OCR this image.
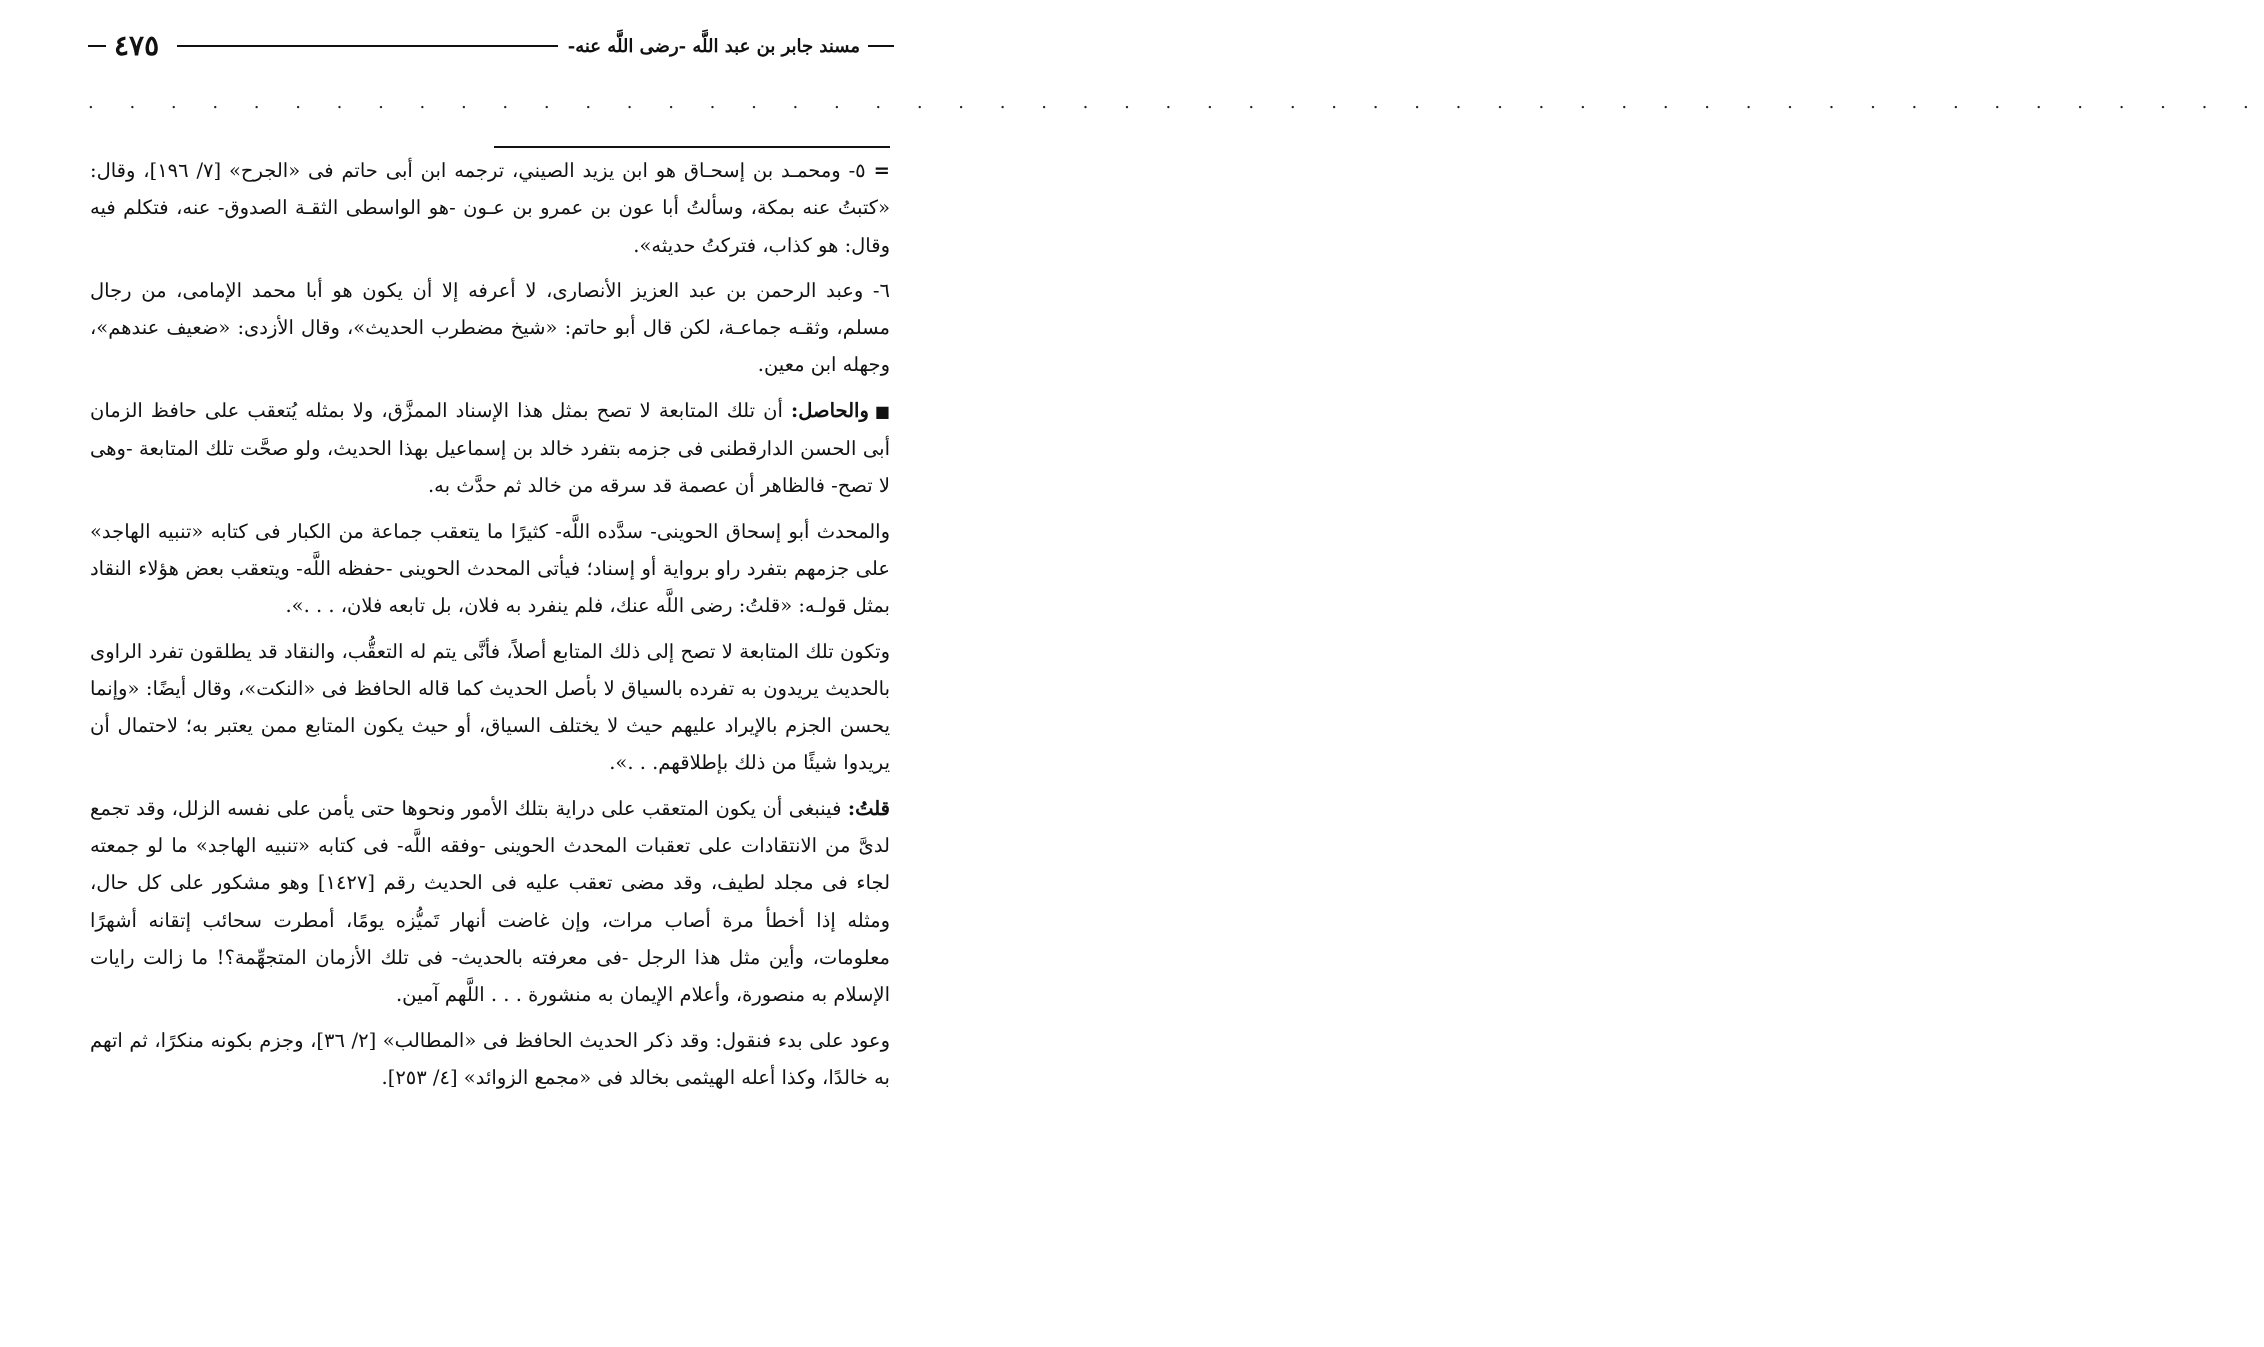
٤٧٥	مسند جابر بن عبد اللَّه -رضى اللَّه عنه-
. . . . . . . . . . . . . . . . . . . . . . . . . . . . . . . . . . . . . . . . . . . . . . . . . . . . .

=٥- ومحمـد بن إسحـاق هو ابن يزيد الصيني، ترجمه ابن أبى حاتم فى «الجرح» [٧/ ١٩٦]، وقال: «كتبتُ عنه بمكة، وسألتُ أبا عون بن عمرو بن عـون -هو الواسطى الثقـة الصدوق- عنه، فتكلم فيه وقال: هو كذاب، فتركتُ حديثه».

٦- وعبد الرحمن بن عبد العزيز الأنصارى، لا أعرفه إلا أن يكون هو أبا محمد الإمامى، من رجال مسلم، وثقـه جماعـة، لكن قال أبو حاتم: «شيخ مضطرب الحديث»، وقال الأزدى: «ضعيف عندهم»، وجهله ابن معين.

■والحاصل: أن تلك المتابعة لا تصح بمثل هذا الإسناد الممزَّق، ولا بمثله يُتعقب على حافظ الزمان أبى الحسن الدارقطنى فى جزمه بتفرد خالد بن إسماعيل بهذا الحديث، ولو صحَّت تلك المتابعة -وهى لا تصح- فالظاهر أن عصمة قد سرقه من خالد ثم حدَّث به.

والمحدث أبو إسحاق الحوينى- سدَّده اللَّه- كثيرًا ما يتعقب جماعة من الكبار فى كتابه «تنبيه الهاجد» على جزمهم بتفرد راو برواية أو إسناد؛ فيأتى المحدث الحوينى -حفظه اللَّه- ويتعقب بعض هؤلاء النقاد بمثل قولـه: «قلتُ: رضى اللَّه عنك، فلم ينفرد به فلان، بل تابعه فلان، . . .».

وتكون تلك المتابعة لا تصح إلى ذلك المتابع أصلاً، فأنَّى يتم له التعقُّب، والنقاد قد يطلقون تفرد الراوى بالحديث يريدون به تفرده بالسياق لا بأصل الحديث كما قاله الحافظ فى «النكت»، وقال أيضًا: «وإنما يحسن الجزم بالإيراد عليهم حيث لا يختلف السياق، أو حيث يكون المتابع ممن يعتبر به؛ لاحتمال أن يريدوا شيئًا من ذلك بإطلاقهم. . .».

قلتُ: فينبغى أن يكون المتعقب على دراية بتلك الأمور ونحوها حتى يأمن على نفسه الزلل، وقد تجمع لدىَّ من الانتقادات على تعقبات المحدث الحوينى -وفقه اللَّه- فى كتابه «تنبيه الهاجد» ما لو جمعته لجاء فى مجلد لطيف، وقد مضى تعقب عليه فى الحديث رقم [١٤٢٧] وهو مشكور على كل حال، ومثله إذا أخطأ مرة أصاب مرات، وإن غاضت أنهار تَميُّزه يومًا، أمطرت سحائب إتقانه أشهرًا معلومات، وأين مثل هذا الرجل -فى معرفته بالحديث- فى تلك الأزمان المتجهِّمة؟! ما زالت رايات الإسلام به منصورة، وأعلام الإيمان به منشورة . . . اللَّهم آمين.

وعود على بدء فنقول: وقد ذكر الحديث الحافظ فى «المطالب» [٢/ ٣٦]، وجزم بكونه منكرًا، ثم اتهم به خالدًا، وكذا أعله الهيثمى بخالد فى «مجمع الزوائد» [٤/ ٢٥٣].
